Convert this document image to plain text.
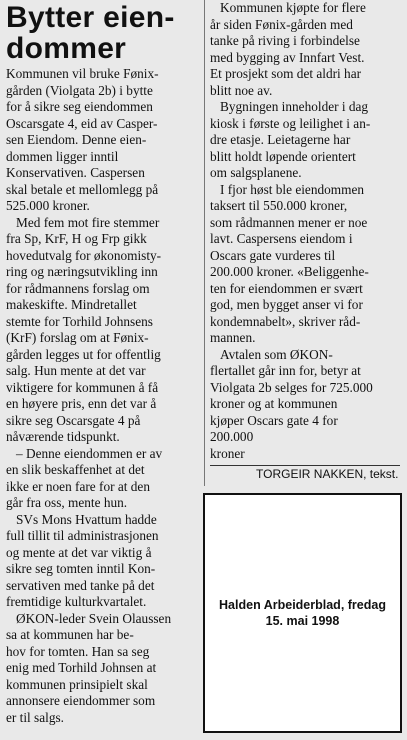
Bytter eien-
dommer

Kommunen vil bruke Fønix-
gården (Violgata 2b) i bytte
for å sikre seg eiendommen
Oscarsgate 4, eid av Casper-
sen Eiendom. Denne eien-
dommen ligger inntil
Konservativen. Caspersen
skal betale et mellomlegg på
525.000 kroner.

Med fem mot fire stemmer
fra Sp, KrF, H og Frp gikk
hovedutvalg for økonomisty-
ring og næringsutvikling inn
for rådmannens forslag om
makeskifte. Mindretallet
stemte for Torhild Johnsens
(KrF) forslag om at Fønix-
gården legges ut for offentlig
salg. Hun mente at det var
viktigere for kommunen å få
en høyere pris, enn det var å
sikre seg Oscarsgate 4 på
nåværende tidspunkt.

– Denne eiendommen er av
en slik beskaffenhet at det
ikke er noen fare for at den
går fra oss, mente hun.

SVs Mons Hvattum hadde
full tillit til administrasjonen
og mente at det var viktig å
sikre seg tomten inntil Kon-
servativen med tanke på det
fremtidige kulturkvartalet.

ØKON-leder Svein Olaussen
sa at kommunen har be-
hov for tomten. Han sa seg
enig med Torhild Johnsen at
kommunen prinsipielt skal
annonsere eiendommer som
er til salgs.

Kommunen kjøpte for flere
år siden Fønix-gården med
tanke på riving i forbindelse
med bygging av Innfart Vest.
Et prosjekt som det aldri har
blitt noe av.

Bygningen inneholder i dag
kiosk i første og leilighet i an-
dre etasje. Leietagerne har
blitt holdt løpende orientert
om salgsplanene.

I fjor høst ble eiendommen
taksert til 550.000 kroner,
som rådmannen mener er noe
lavt. Caspersens eiendom i
Oscars gate vurderes til
200.000 kroner. «Beliggenhe-
ten for eiendommen er svært
god, men bygget anser vi for
kondemnabelt», skriver råd-
mannen.

Avtalen som ØKON-
flertallet går inn for, betyr at
Violgata 2b selges for 725.000
kroner og at kommunen
kjøper Oscars gate 4 for
200.000
kroner

TORGEIR NAKKEN, tekst.
Halden Arbeiderblad, fredag
15. mai 1998
